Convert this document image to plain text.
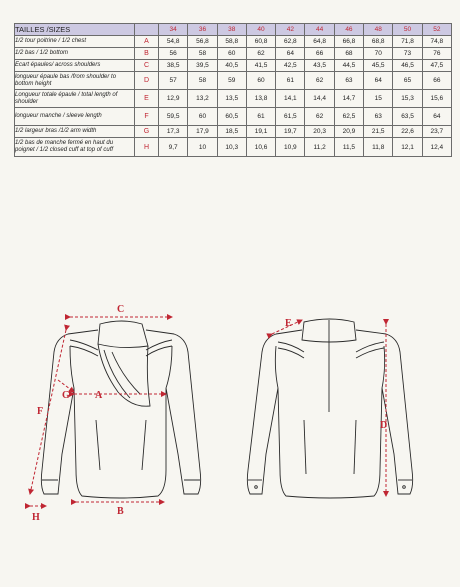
TAILLES /SIZES		34	36	38	40	42	44	46	48	50	52
1/2 tour poitrine / 1/2 chest	A	54,8	56,8	58,8	60,8	62,8	64,8	66,8	68,8	71,8	74,8
1/2 bas / 1/2 bottom	B	56	58	60	62	64	66	68	70	73	76
Ecart épaules/ across shoulders	C	38,5	39,5	40,5	41,5	42,5	43,5	44,5	45,5	46,5	47,5
longueur épaule bas /from shoulder to bottom height	D	57	58	59	60	61	62	63	64	65	66
Longueur totale épaule / total length of shoulder	E	12,9	13,2	13,5	13,8	14,1	14,4	14,7	15	15,3	15,6
longueur manche / sleeve length	F	59,5	60	60,5	61	61,5	62	62,5	63	63,5	64
1/2 largeur bras /1/2 arm width	G	17,3	17,9	18,5	19,1	19,7	20,3	20,9	21,5	22,6	23,7
1/2 bas de manche fermé en haut du poignet / 1/2 closed cuff at top of cuff	H	9,7	10	10,3	10,6	10,9	11,2	11,5	11,8	12,1	12,4
C
A
B
F
G
H
E
D
